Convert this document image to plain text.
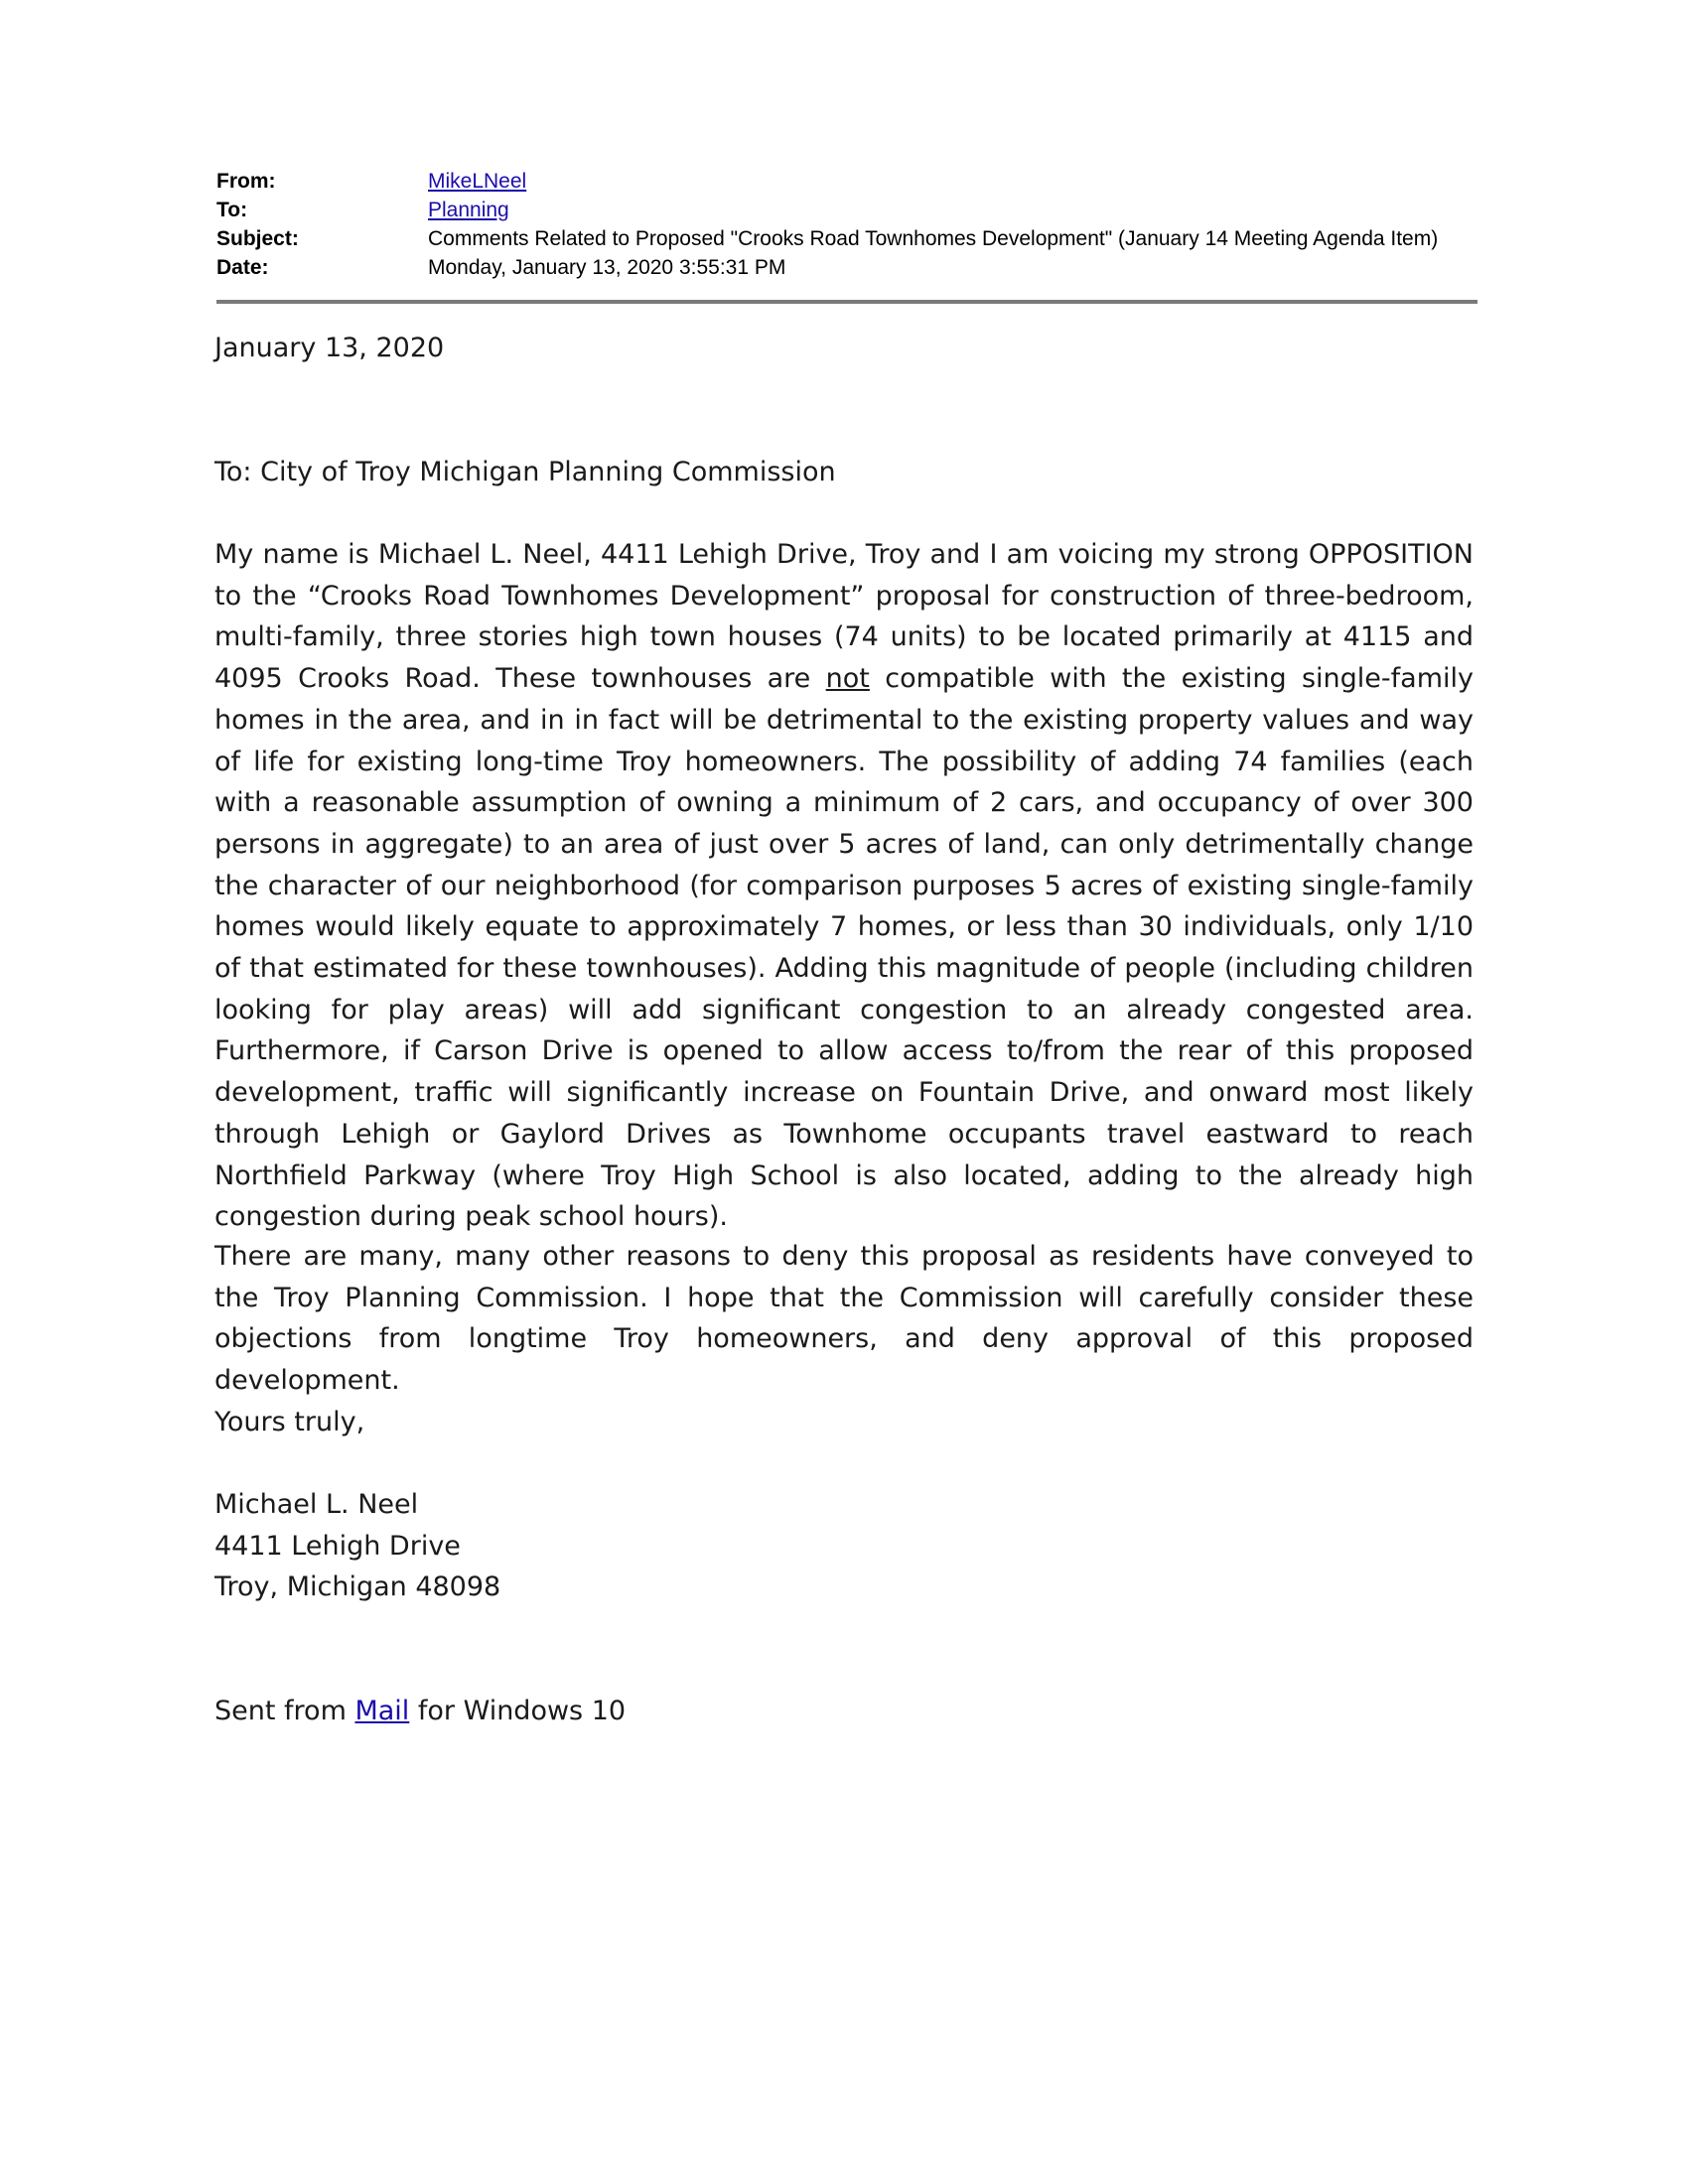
From:	MikeLNeel
To:	Planning
Subject:	Comments Related to Proposed "Crooks Road Townhomes Development" (January 14 Meeting Agenda Item)
Date:	Monday, January 13, 2020 3:55:31 PM
January 13, 2020
To: City of Troy Michigan Planning Commission
My name is Michael L. Neel, 4411 Lehigh Drive, Troy and I am voicing my strong OPPOSITION to the “Crooks Road Townhomes Development” proposal for construction of three-bedroom, multi-family, three stories high town houses (74 units) to be located primarily at 4115 and 4095 Crooks Road. These townhouses are not compatible with the existing single-family homes in the area, and in in fact will be detrimental to the existing property values and way of life for existing long-time Troy homeowners. The possibility of adding 74 families (each with a reasonable assumption of owning a minimum of 2 cars, and occupancy of over 300 persons in aggregate) to an area of just over 5 acres of land, can only detrimentally change the character of our neighborhood (for comparison purposes 5 acres of existing single-family homes would likely equate to approximately 7 homes, or less than 30 individuals, only 1/10 of that estimated for these townhouses). Adding this magnitude of people (including children looking for play areas) will add significant congestion to an already congested area. Furthermore, if Carson Drive is opened to allow access to/from the rear of this proposed development, traffic will significantly increase on Fountain Drive, and onward most likely through Lehigh or Gaylord Drives as Townhome occupants travel eastward to reach Northfield Parkway (where Troy High School is also located, adding to the already high congestion during peak school hours).
There are many, many other reasons to deny this proposal as residents have conveyed to the Troy Planning Commission. I hope that the Commission will carefully consider these objections from longtime Troy homeowners, and deny approval of this proposed development.
Yours truly,
Michael L. Neel
4411 Lehigh Drive
Troy, Michigan 48098
Sent from Mail for Windows 10
